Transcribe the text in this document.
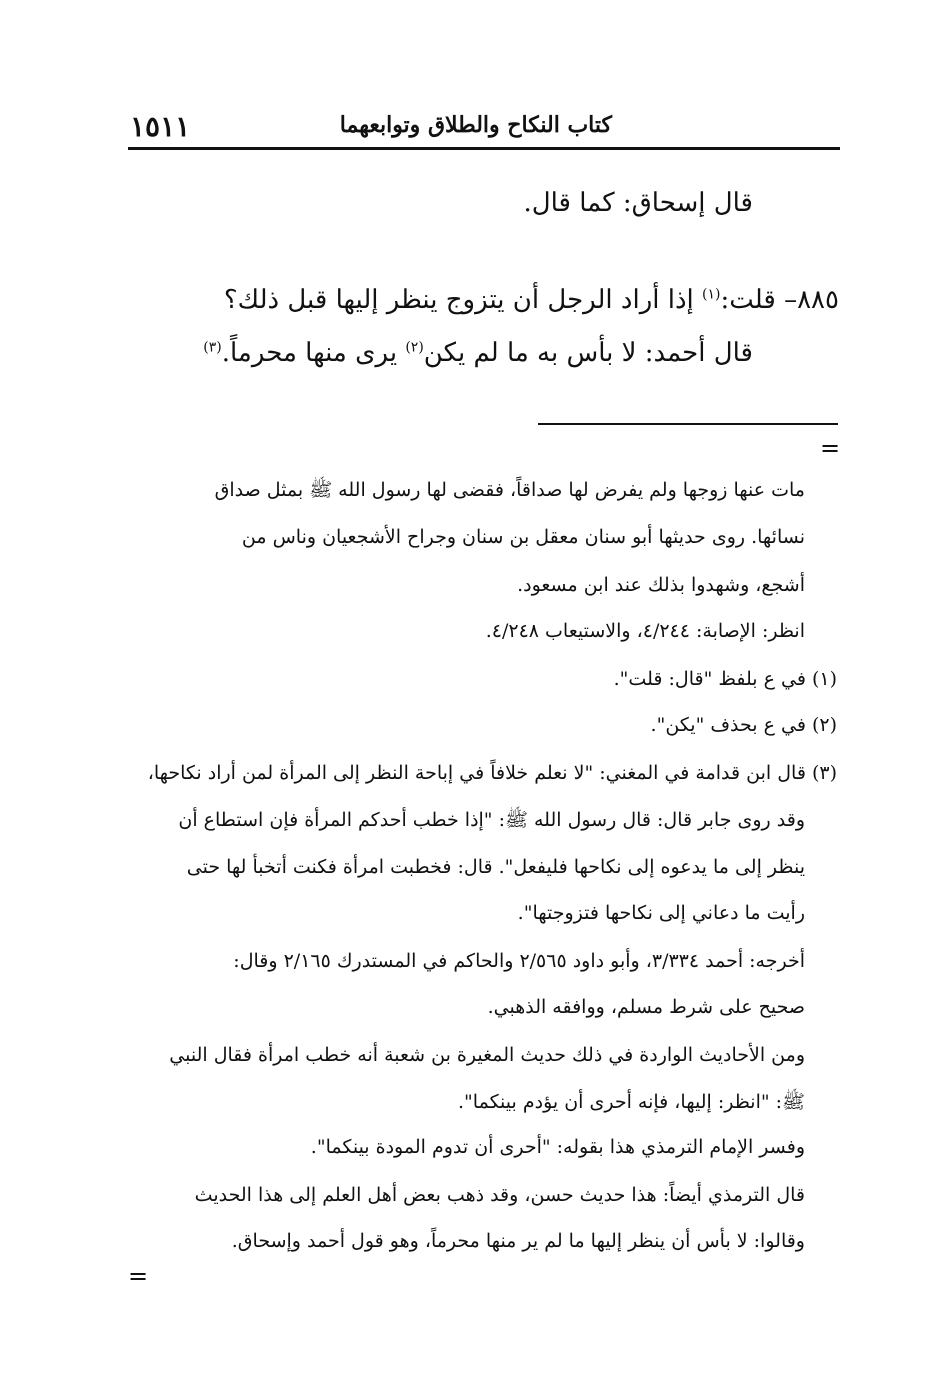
١٥١١	كتاب النكاح والطلاق وتوابعهما
قال إسحاق: كما قال.
٨٨٥– قلت:$^{(١)}$ إذا أراد الرجل أن يتزوج ينظر إليها قبل ذلك؟
قال أحمد: لا بأس به ما لم يكن$^{(٢)}$ يرى منها محرماً.$^{(٣)}$
=
مات عنها زوجها ولم يفرض لها صداقاً، فقضى لها رسول الله ﷺ بمثل صداق
نسائها. روى حديثها أبو سنان معقل بن سنان وجراح الأشجعيان وناس من
أشجع، وشهدوا بذلك عند ابن مسعود.
انظر: الإصابة: ٤/٢٤٤، والاستيعاب ٤/٢٤٨.
(١) في ع بلفظ "قال: قلت".
(٢) في ع بحذف "يكن".
(٣) قال ابن قدامة في المغني: "لا نعلم خلافاً في إباحة النظر إلى المرأة لمن أراد نكاحها،
وقد روى جابر قال: قال رسول الله ﷺ: "إذا خطب أحدكم المرأة فإن استطاع أن
ينظر إلى ما يدعوه إلى نكاحها فليفعل". قال: فخطبت امرأة فكنت أتخبأ لها حتى
رأيت ما دعاني إلى نكاحها فتزوجتها".
أخرجه: أحمد ٣/٣٣٤، وأبو داود ٢/٥٦٥ والحاكم في المستدرك ٢/١٦٥ وقال:
صحيح على شرط مسلم، ووافقه الذهبي.
ومن الأحاديث الواردة في ذلك حديث المغيرة بن شعبة أنه خطب امرأة فقال النبي
ﷺ: "انظر: إليها، فإنه أحرى أن يؤدم بينكما".
وفسر الإمام الترمذي هذا بقوله: "أحرى أن تدوم المودة بينكما".
قال الترمذي أيضاً: هذا حديث حسن، وقد ذهب بعض أهل العلم إلى هذا الحديث
وقالوا: لا بأس أن ينظر إليها ما لم ير منها محرماً، وهو قول أحمد وإسحاق.
=
